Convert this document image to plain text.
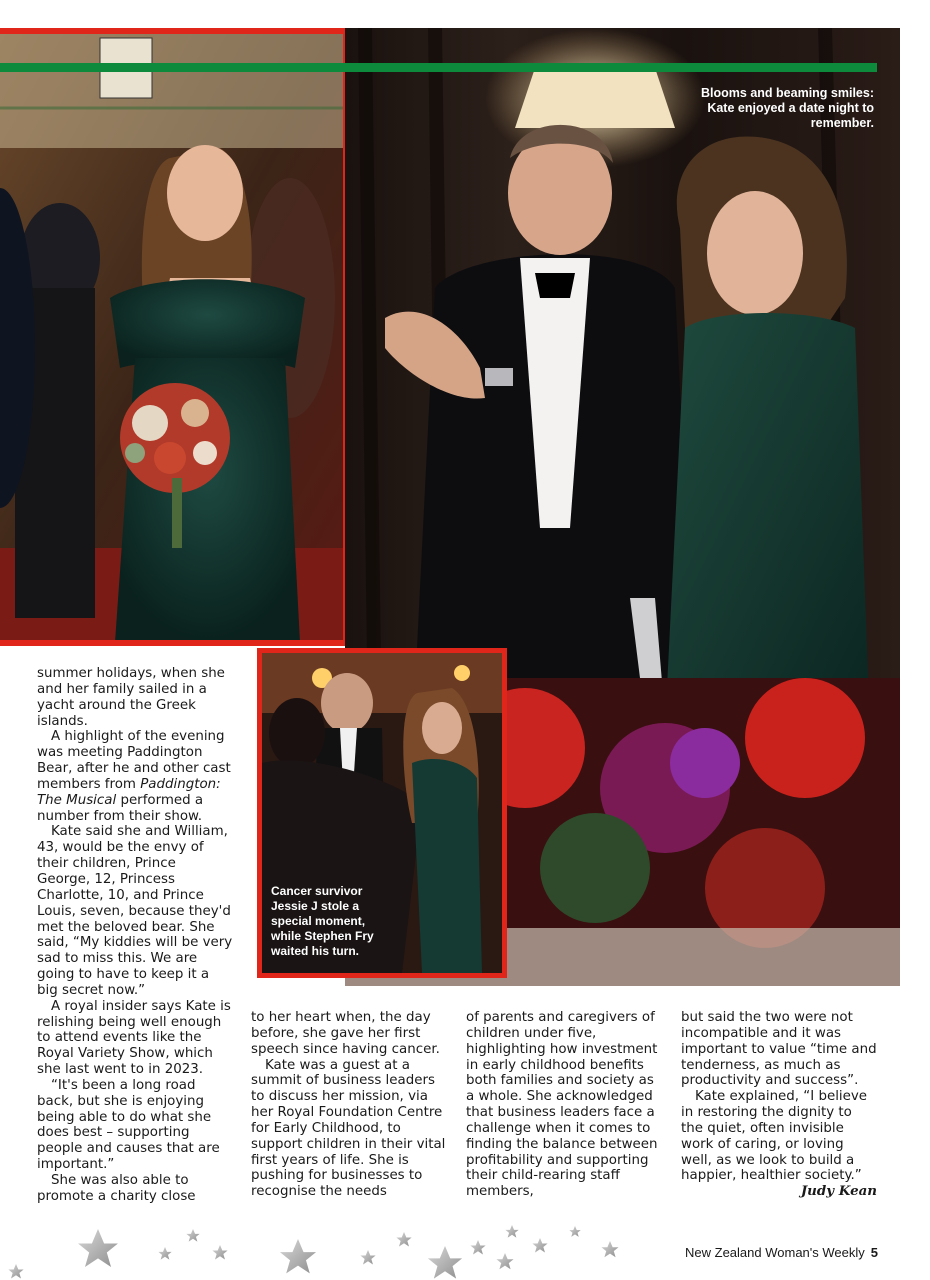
Blooms and beaming smiles: Kate enjoyed a date night to remember.
Cancer survivor Jessie J stole a special moment, while Stephen Fry waited his turn.

summer holidays, when she and her family sailed in a yacht around the Greek islands.

A highlight of the evening was meeting Paddington Bear, after he and other cast members from Paddington: The Musical performed a number from their show.

Kate said she and William, 43, would be the envy of their children, Prince George, 12, Princess Charlotte, 10, and Prince Louis, seven, because they'd met the beloved bear. She said, “My kiddies will be very sad to miss this. We are going to have to keep it a big secret now.”

A royal insider says Kate is relishing being well enough to attend events like the Royal Variety Show, which she last went to in 2023.

“It's been a long road back, but she is enjoying being able to do what she does best – supporting people and causes that are important.”

She was also able to promote a charity close

to her heart when, the day before, she gave her first speech since having cancer.

Kate was a guest at a summit of business leaders to discuss her mission, via her Royal Foundation Centre for Early Childhood, to support children in their vital first years of life. She is pushing for businesses to recognise the needs

of parents and caregivers of children under five, highlighting how investment in early childhood benefits both families and society as a whole. She acknowledged that business leaders face a challenge when it comes to finding the balance between profitability and supporting their child-rearing staff members,

but said the two were not incompatible and it was important to value “time and tenderness, as much as productivity and success”.

Kate explained, “I believe in restoring the dignity to the quiet, often invisible work of caring, or loving well, as we look to build a happier, healthier society.”

Judy Kean

New Zealand Woman's Weekly 5
